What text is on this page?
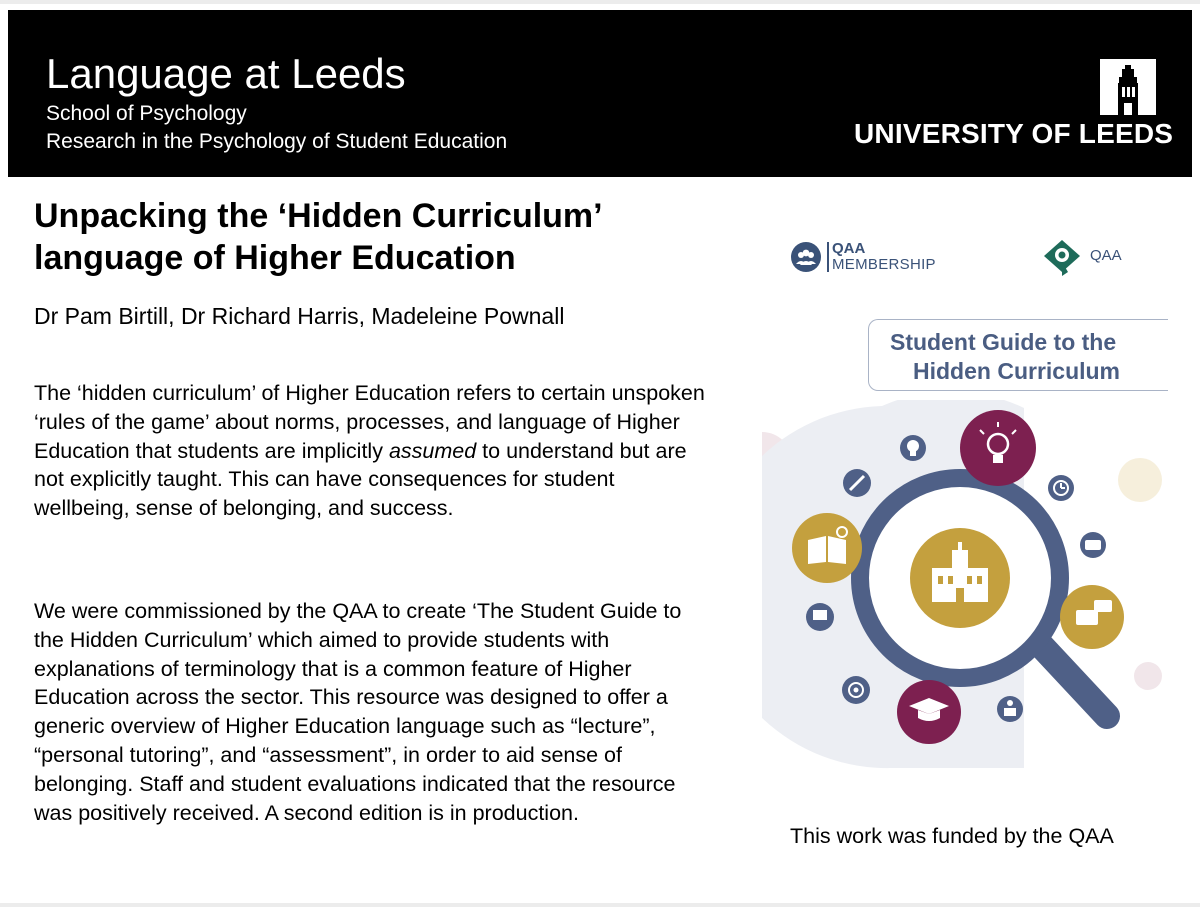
Language at Leeds
School of Psychology
Research in the Psychology of Student Education	UNIVERSITY OF LEEDS
Unpacking the ‘Hidden Curriculum’
language of Higher Education
Dr Pam Birtill, Dr Richard Harris, Madeleine Pownall
The ‘hidden curriculum’ of Higher Education refers to certain unspoken ‘rules of the game’ about norms, processes, and language of Higher Education that students are implicitly assumed to understand but are not explicitly taught. This can have consequences for student wellbeing, sense of belonging, and success.
We were commissioned by the QAA to create ‘The Student Guide to the Hidden Curriculum’ which aimed to provide students with explanations of terminology that is a common feature of Higher Education across the sector. This resource was designed to offer a generic overview of Higher Education language such as “lecture”, “personal tutoring”, and “assessment”, in order to aid sense of belonging. Staff and student evaluations indicated that the resource was positively received. A second edition is in production.
QAA
MEMBERSHIP
QAA
Student Guide to the
Hidden Curriculum
This work was funded by the QAA
